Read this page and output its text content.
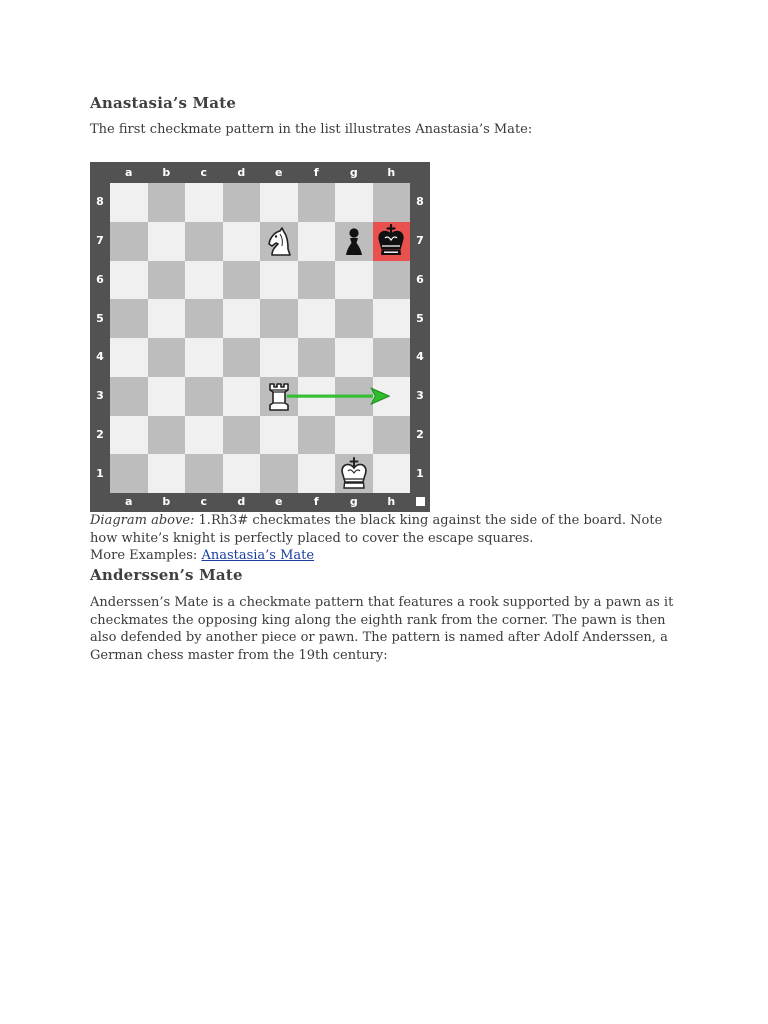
Anastasia’s Mate

The first checkmate pattern in the list illustrates Anastasia’s Mate:

a
a
b
b
c
c
d
d
e
e
f
f
g
g
h
h
8	8
7	7
6	6
5	5
4	4
3	3
2	2
1	1

Diagram above: 1.Rh3# checkmates the black king against the side of the board. Note how white’s knight is perfectly placed to cover the escape squares.

More Examples: Anastasia’s Mate

Anderssen’s Mate

Anderssen’s Mate is a checkmate pattern that features a rook supported by a pawn as it checkmates the opposing king along the eighth rank from the corner. The pawn is then also defended by another piece or pawn. The pattern is named after Adolf Anderssen, a German chess master from the 19th century:
